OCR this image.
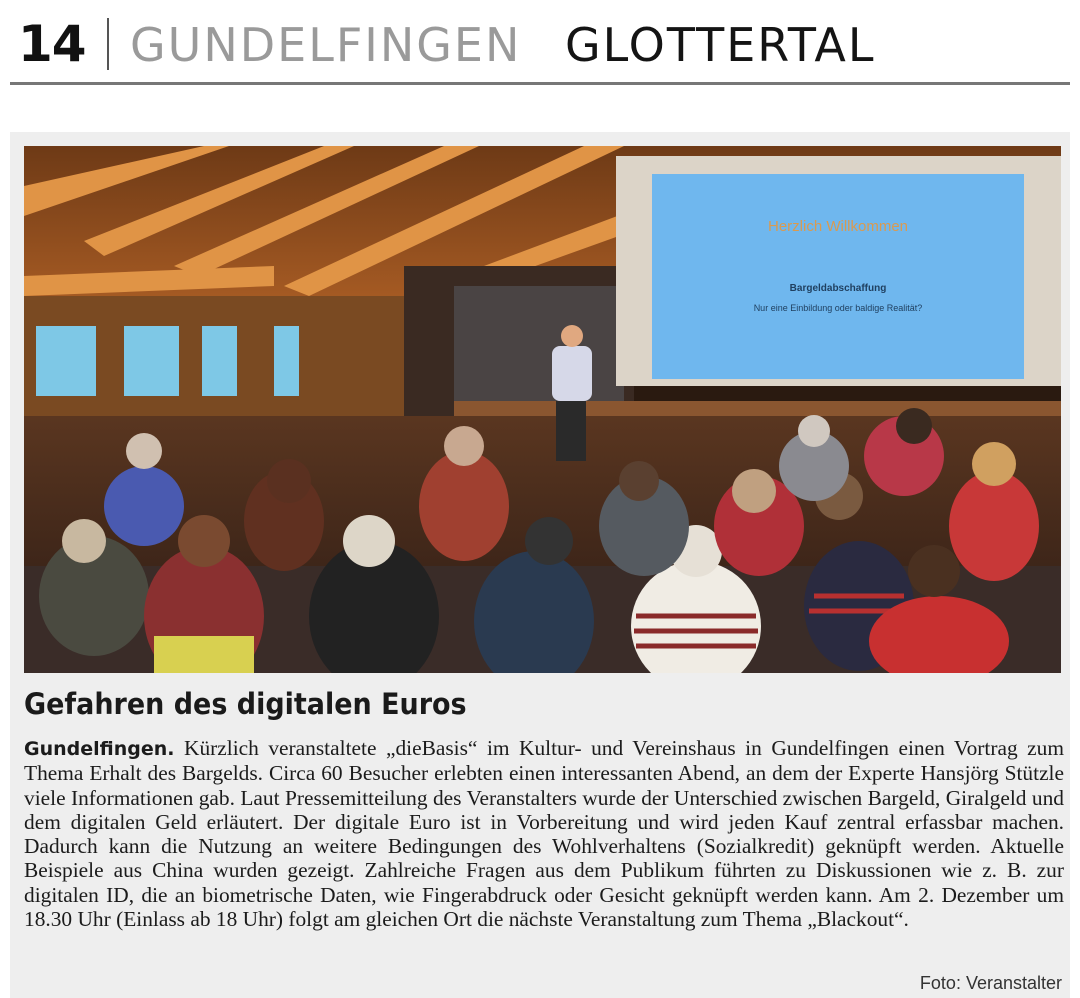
14 GUNDELFINGEN GLOTTERTAL
Herzlich Willkommen
Bargeldabschaffung
Nur eine Einbildung oder baldige Realität?
Gefahren des digitalen Euros
Gundelfingen. Kürzlich veranstaltete „dieBasis“ im Kultur- und Vereinshaus in Gundelfingen einen Vortrag zum Thema Erhalt des Bargelds. Circa 60 Besucher erlebten einen interessanten Abend, an dem der Experte Hansjörg Stützle viele Informationen gab. Laut Pressemitteilung des Veranstalters wurde der Unterschied zwischen Bargeld, Giralgeld und dem digitalen Geld erläutert. Der digitale Euro ist in Vorbereitung und wird jeden Kauf zentral erfassbar machen. Dadurch kann die Nutzung an weitere Bedingungen des Wohlverhaltens (Sozialkredit) geknüpft werden. Aktuelle Beispiele aus China wurden gezeigt. Zahlreiche Fragen aus dem Publikum führten zu Diskussionen wie z. B. zur digitalen ID, die an biometrische Daten, wie Fingerabdruck oder Gesicht geknüpft werden kann. Am 2. Dezember um 18.30 Uhr (Einlass ab 18 Uhr) folgt am gleichen Ort die nächste Veranstaltung zum Thema „Blackout“.
Foto: Veranstalter
